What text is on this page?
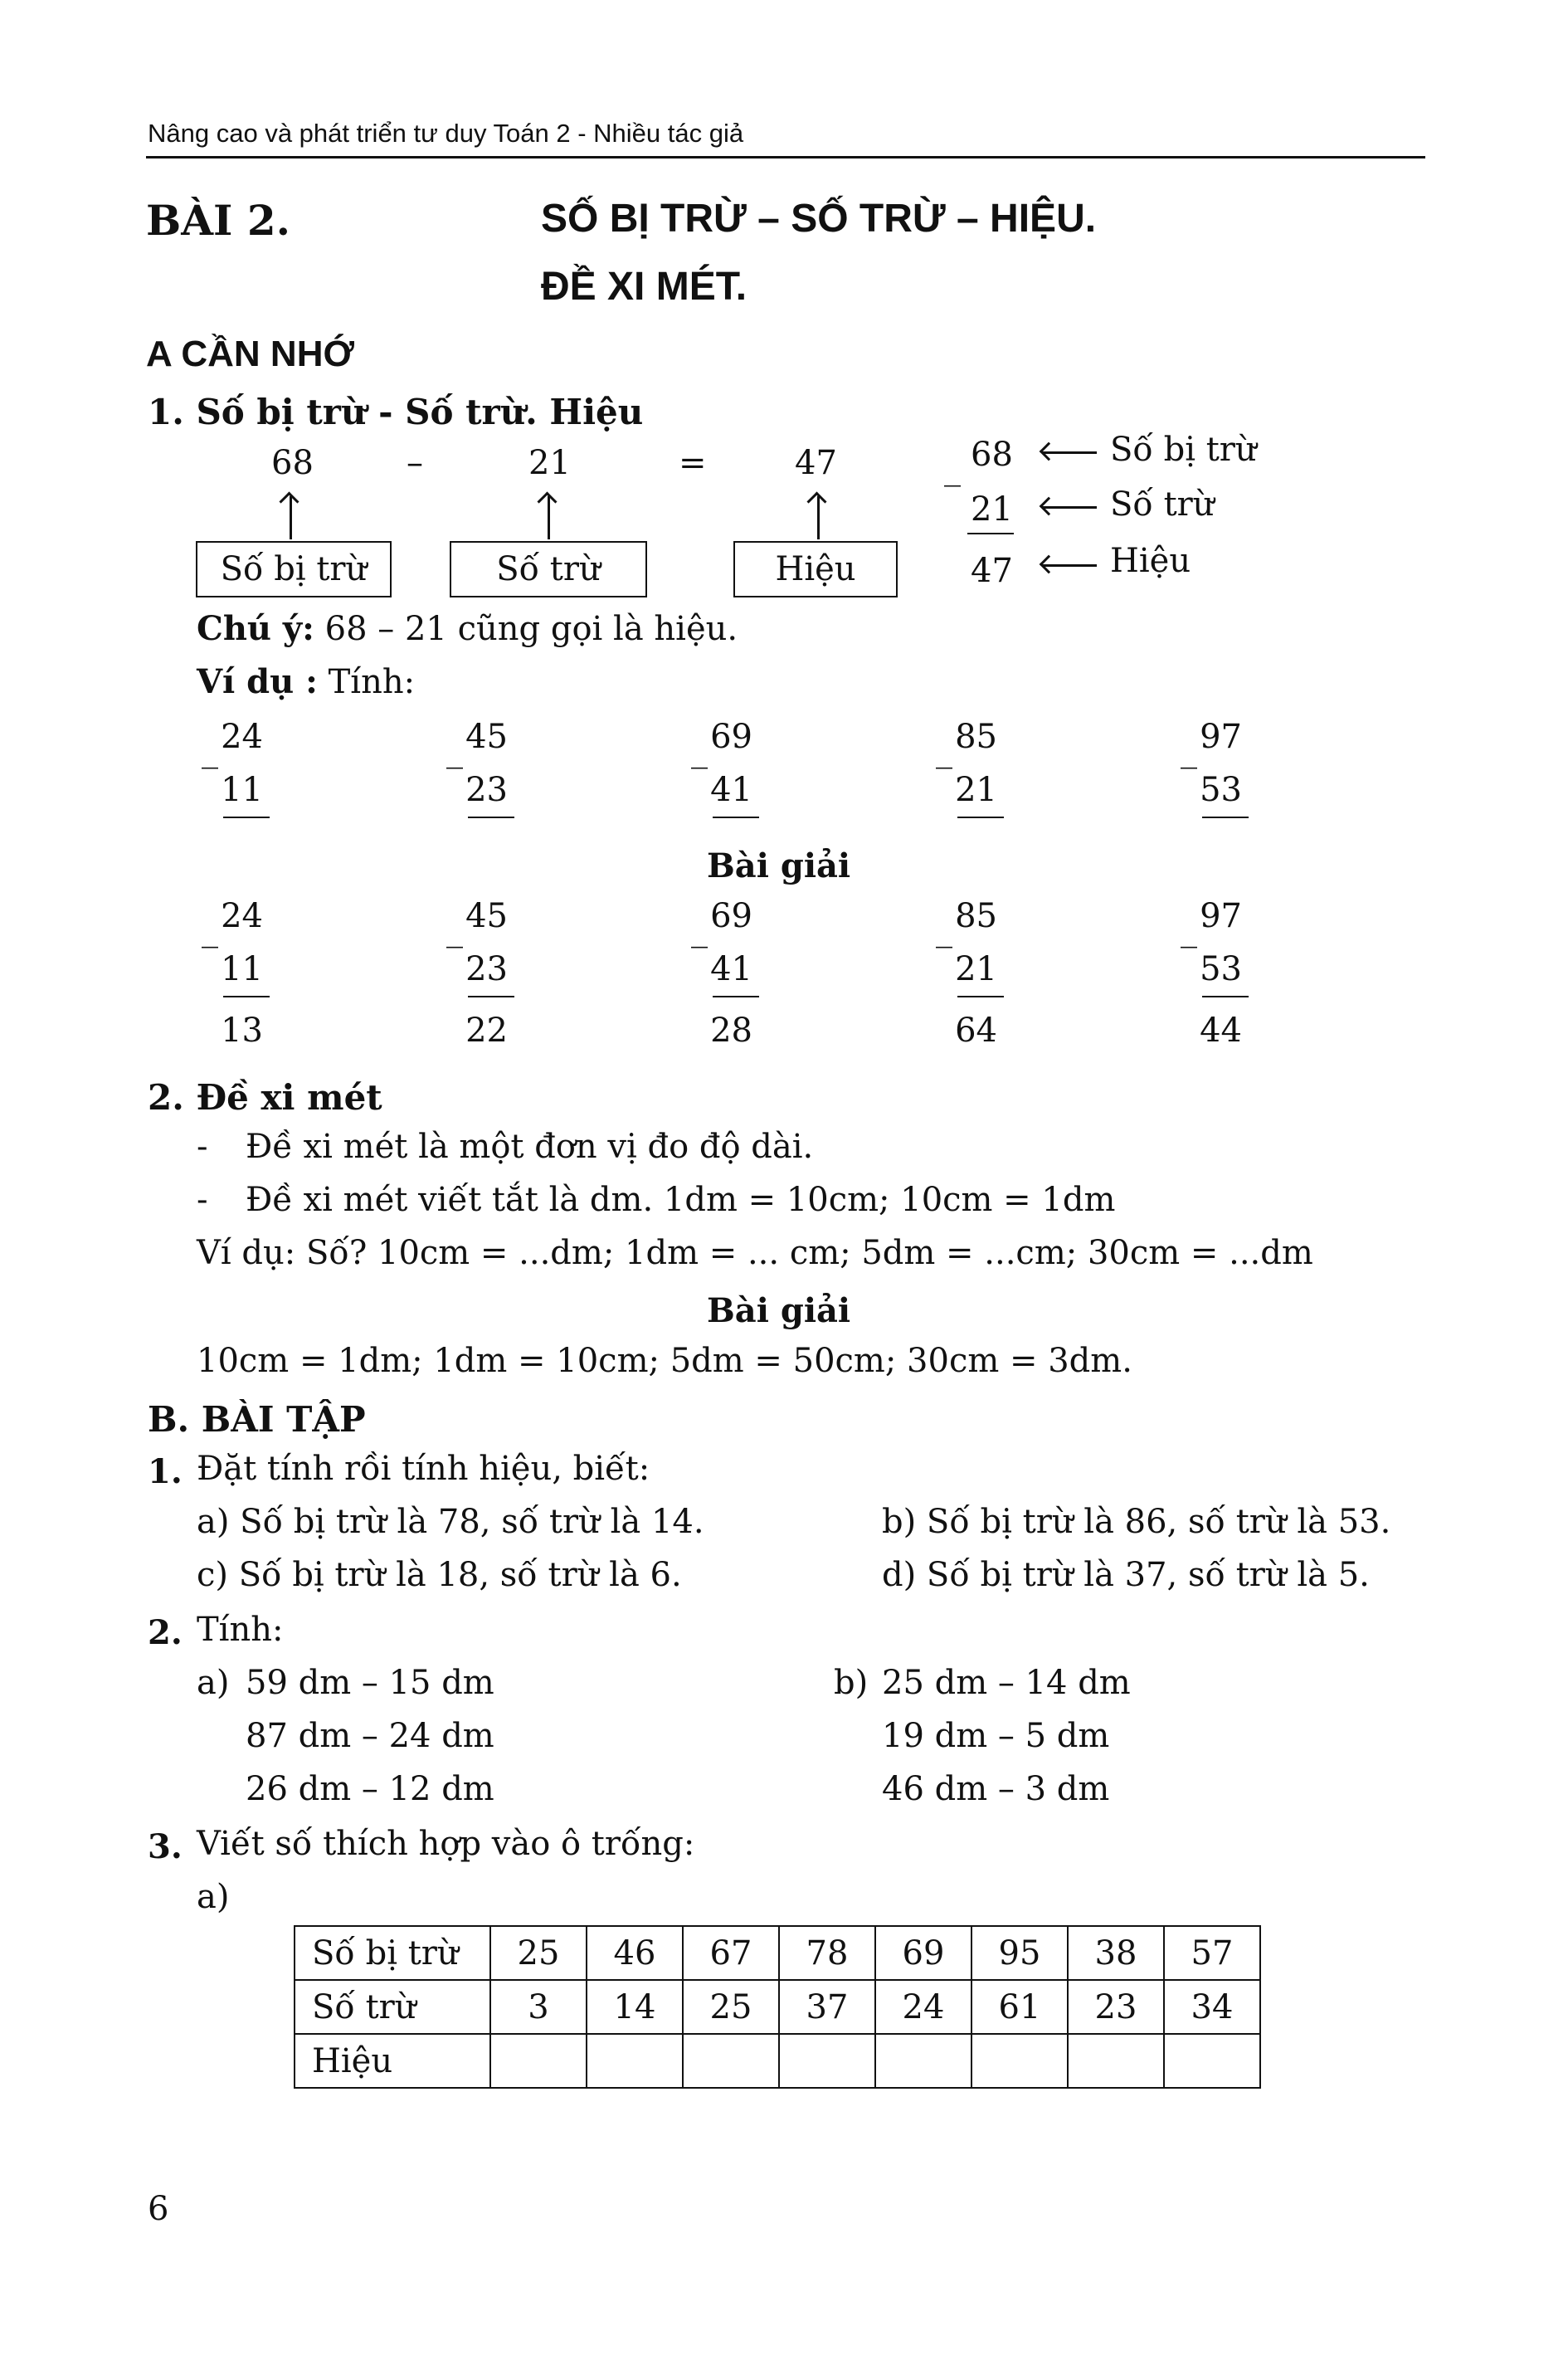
Nâng cao và phát triển tư duy Toán 2 - Nhiều tác giả
BÀI 2.	SỐ BỊ TRỪ – SỐ TRỪ – HIỆU.
ĐỀ XI MÉT.
A CẦN NHỚ
1. Số bị trừ - Số trừ. Hiệu
68	–	21	=	47
Số bị trừ	Số trừ	Hiệu
_ 68
21
47
Số bị trừ
Số trừ
Hiệu
Chú ý: 68 – 21 cũng gọi là hiệu.
Ví dụ : Tính:
_ 24
11
_ 45
23
_ 69
41
_ 85
21
_ 97
53
Bài giải
_ 24
11
13
_ 45
23
22
_ 69
41
28
_ 85
21
64
_ 97
53
44
2. Đề xi mét
- Đề xi mét là một đơn vị đo độ dài.
- Đề xi mét viết tắt là dm. 1dm = 10cm; 10cm = 1dm
Ví dụ: Số? 10cm = ...dm; 1dm = ... cm; 5dm = ...cm; 30cm = ...dm
Bài giải
10cm = 1dm; 1dm = 10cm; 5dm = 50cm; 30cm = 3dm.
B. BÀI TẬP
1. Đặt tính rồi tính hiệu, biết:
a) Số bị trừ là 78, số trừ là 14.	b) Số bị trừ là 86, số trừ là 53.
c) Số bị trừ là 18, số trừ là 6.	d) Số bị trừ là 37, số trừ là 5.
2. Tính:
a) 59 dm – 15 dm
87 dm – 24 dm
26 dm – 12 dm
b) 25 dm – 14 dm
19 dm – 5 dm
46 dm – 3 dm
3. Viết số thích hợp vào ô trống:
a)
Số bị trừ	25	46	67	78	69	95	38	57
Số trừ	3	14	25	37	24	61	23	34
Hiệu								
6
